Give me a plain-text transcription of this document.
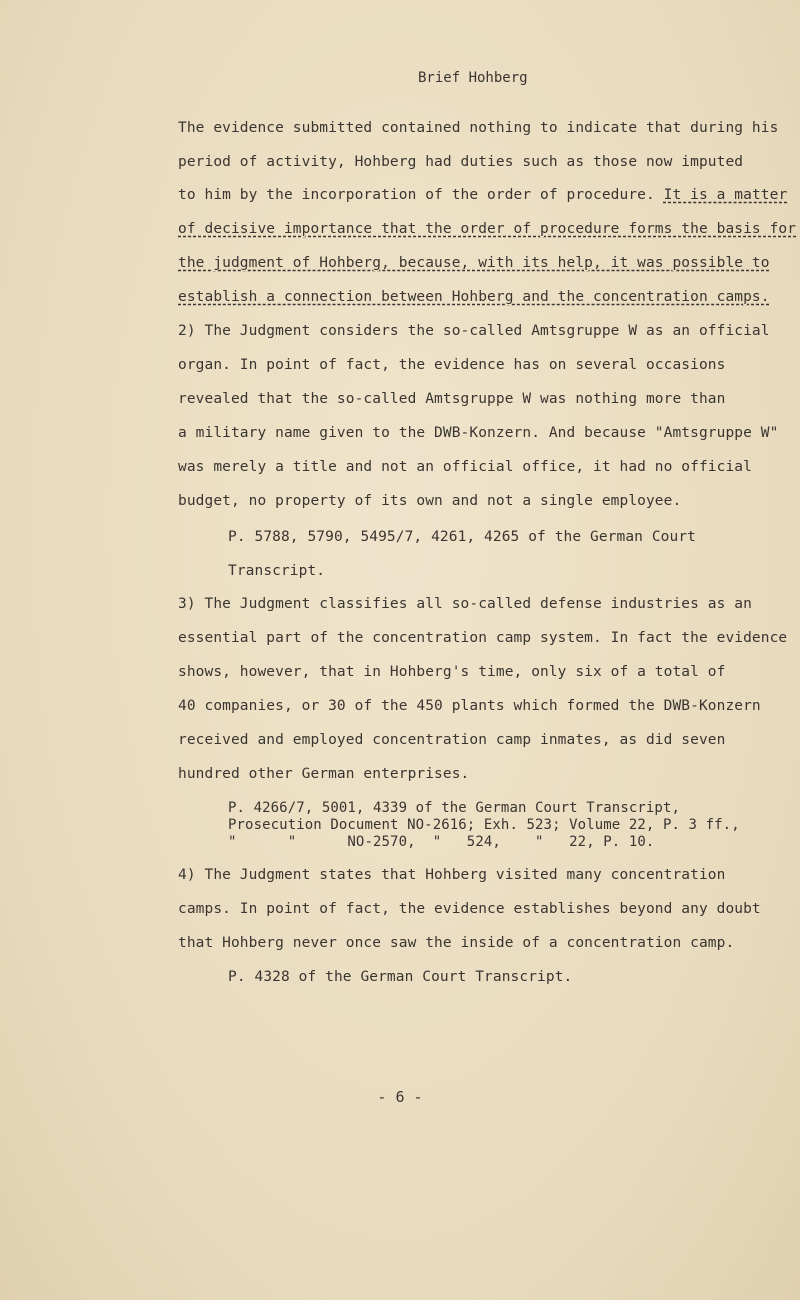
Brief Hohberg
The evidence submitted contained nothing to indicate that during his
period of activity, Hohberg had duties such as those now imputed
to him by the incorporation of the order of procedure. It is a matter
of decisive importance that the order of procedure forms the basis for
the judgment of Hohberg, because, with its help, it was possible to
establish a connection between Hohberg and the concentration camps.
2) The Judgment considers the so-called Amtsgruppe W as an official
organ. In point of fact, the evidence has on several occasions
revealed that the so-called Amtsgruppe W was nothing more than
a military name given to the DWB-Konzern. And because "Amtsgruppe W"
was merely a title and not an official office, it had no official
budget, no property of its own and not a single employee.
P. 5788, 5790, 5495/7, 4261, 4265 of the German Court
Transcript.
3) The Judgment classifies all so-called defense industries as an
essential part of the concentration camp system. In fact the evidence
shows, however, that in Hohberg's time, only six of a total of
40 companies, or 30 of the 450 plants which formed the DWB-Konzern
received and employed concentration camp inmates, as did seven
hundred other German enterprises.
P. 4266/7, 5001, 4339 of the German Court Transcript,
Prosecution Document NO-2616; Exh. 523; Volume 22, P. 3 ff.,
"      "      NO-2570,  "   524,    "   22, P. 10.
4) The Judgment states that Hohberg visited many concentration
camps. In point of fact, the evidence establishes beyond any doubt
that Hohberg never once saw the inside of a concentration camp.
P. 4328 of the German Court Transcript.
- 6 -
